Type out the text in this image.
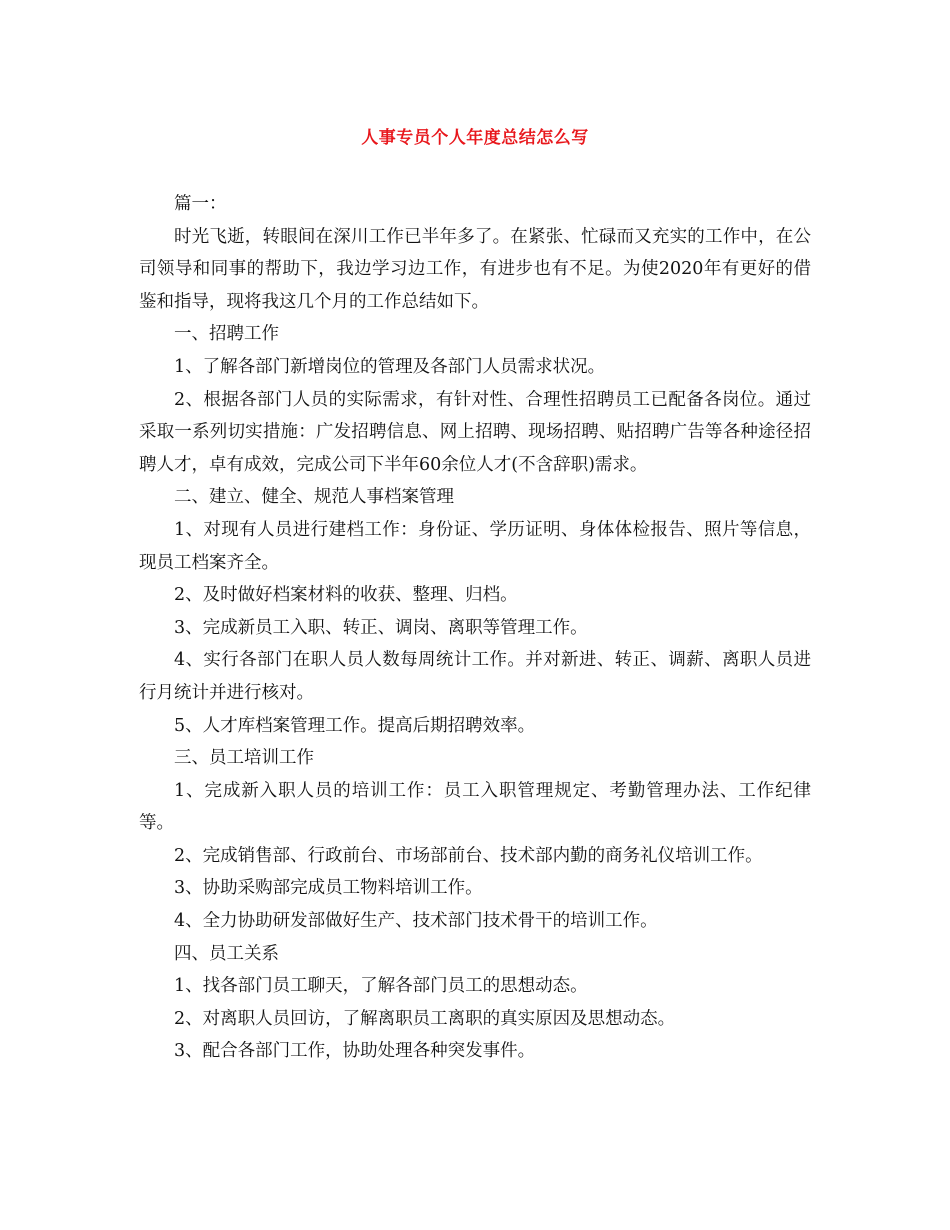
人事专员个人年度总结怎么写

篇一：

时光飞逝，转眼间在深川工作已半年多了。在紧张、忙碌而又充实的工作中，在公司领导和同事的帮助下，我边学习边工作，有进步也有不足。为使2020年有更好的借鉴和指导，现将我这几个月的工作总结如下。

一、招聘工作

1、了解各部门新增岗位的管理及各部门人员需求状况。

2、根据各部门人员的实际需求，有针对性、合理性招聘员工已配备各岗位。通过采取一系列切实措施：广发招聘信息、网上招聘、现场招聘、贴招聘广告等各种途径招聘人才，卓有成效，完成公司下半年60余位人才(不含辞职)需求。

二、建立、健全、规范人事档案管理

1、对现有人员进行建档工作：身份证、学历证明、身体体检报告、照片等信息，现员工档案齐全。

2、及时做好档案材料的收获、整理、归档。

3、完成新员工入职、转正、调岗、离职等管理工作。

4、实行各部门在职人员人数每周统计工作。并对新进、转正、调薪、离职人员进行月统计并进行核对。

5、人才库档案管理工作。提高后期招聘效率。

三、员工培训工作

1、完成新入职人员的培训工作：员工入职管理规定、考勤管理办法、工作纪律等。

2、完成销售部、行政前台、市场部前台、技术部内勤的商务礼仪培训工作。

3、协助采购部完成员工物料培训工作。

4、全力协助研发部做好生产、技术部门技术骨干的培训工作。

四、员工关系

1、找各部门员工聊天，了解各部门员工的思想动态。

2、对离职人员回访，了解离职员工离职的真实原因及思想动态。

3、配合各部门工作，协助处理各种突发事件。
